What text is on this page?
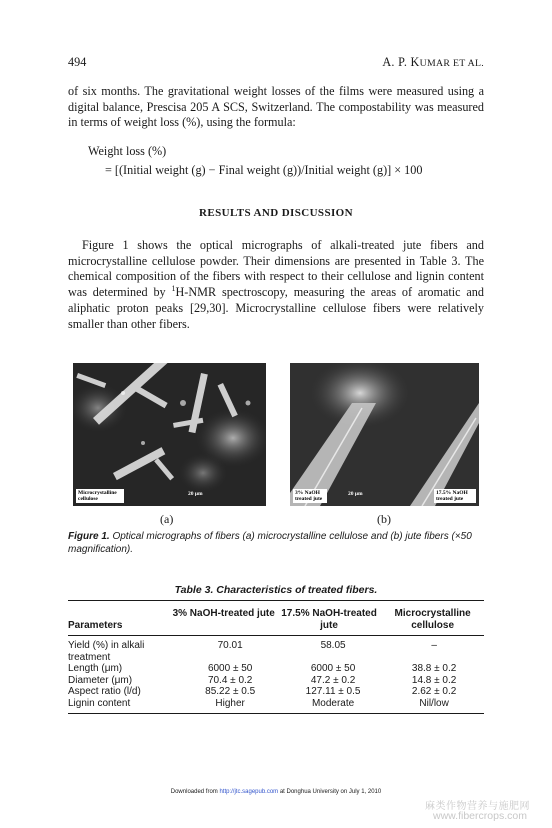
494	A. P. KUMAR ET AL.
of six months. The gravitational weight losses of the films were measured using a digital balance, Prescisa 205 A SCS, Switzerland. The compostability was measured in terms of weight loss (%), using the formula:
Weight loss (%)
= [(Initial weight (g) − Final weight (g))/Initial weight (g)] × 100
RESULTS AND DISCUSSION
Figure 1 shows the optical micrographs of alkali-treated jute fibers and microcrystalline cellulose powder. Their dimensions are presented in Table 3. The chemical composition of the fibers with respect to their cellulose and lignin content was determined by $^1$H-NMR spectroscopy, measuring the areas of aromatic and aliphatic proton peaks [29,30]. Microcrystalline cellulose fibers were relatively smaller than other fibers.
Microcrystalline cellulose
20 μm
(a)
3% NaOH treated jute
20 μm	17.5% NaOH treated jute
(b)
Figure 1. Optical micrographs of fibers (a) microcrystalline cellulose and (b) jute fibers (×50 magnification).
Table 3. Characteristics of treated fibers.
Parameters	3% NaOH-treated jute	17.5% NaOH-treated jute	Microcrystalline cellulose
Yield (%) in alkali treatment	70.01	58.05	–
Length (μm)	6000 ± 50	6000 ± 50	38.8 ± 0.2
Diameter (μm)	70.4 ± 0.2	47.2 ± 0.2	14.8 ± 0.2
Aspect ratio (l/d)	85.22 ± 0.5	127.11 ± 0.5	2.62 ± 0.2
Lignin content	Higher	Moderate	Nil/low
Downloaded from http://jtc.sagepub.com at Donghua University on July 1, 2010
麻类作物营养与施肥网
www.fibercrops.com
